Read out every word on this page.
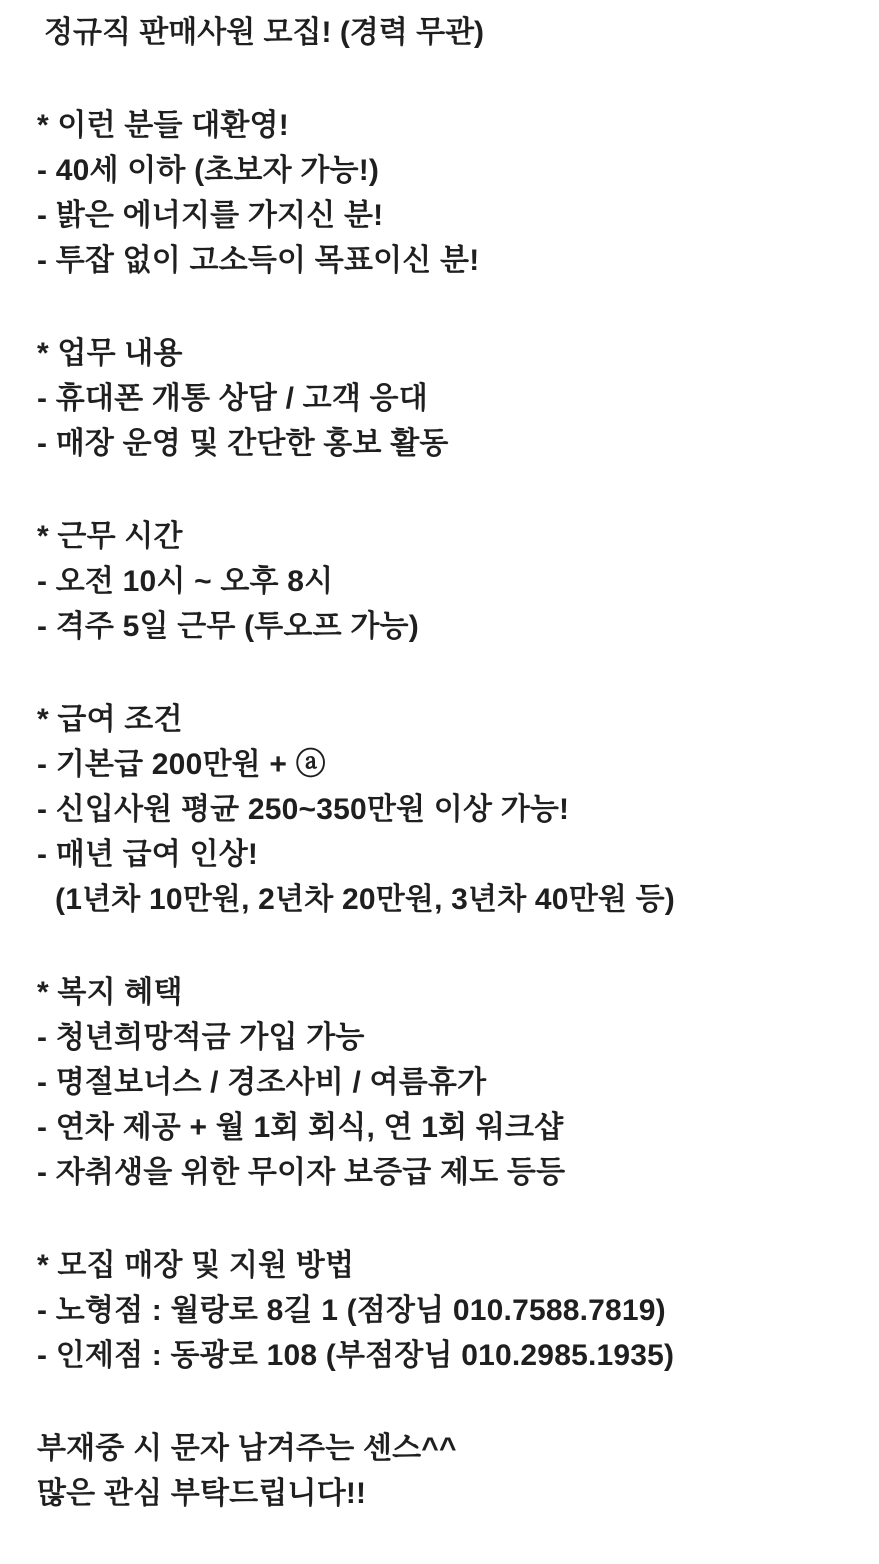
정규직 판매사원 모집! (경력 무관)
* 이런 분들 대환영!
- 40세 이하 (초보자 가능!)
- 밝은 에너지를 가지신 분!
- 투잡 없이 고소득이 목표이신 분!
* 업무 내용
- 휴대폰 개통 상담 / 고객 응대
- 매장 운영 및 간단한 홍보 활동
* 근무 시간
- 오전 10시 ~ 오후 8시
- 격주 5일 근무 (투오프 가능)
* 급여 조건
- 기본급 200만원 + ⓐ
- 신입사원 평균 250~350만원 이상 가능!
- 매년 급여 인상!
(1년차 10만원, 2년차 20만원, 3년차 40만원 등)
* 복지 혜택
- 청년희망적금 가입 가능
- 명절보너스 / 경조사비 / 여름휴가
- 연차 제공 + 월 1회 회식, 연 1회 워크샵
- 자취생을 위한 무이자 보증급 제도 등등
* 모집 매장 및 지원 방법
- 노형점 : 월랑로 8길 1 (점장님 010.7588.7819)
- 인제점 : 동광로 108 (부점장님 010.2985.1935)
부재중 시 문자 남겨주는 센스^^
많은 관심 부탁드립니다!!
